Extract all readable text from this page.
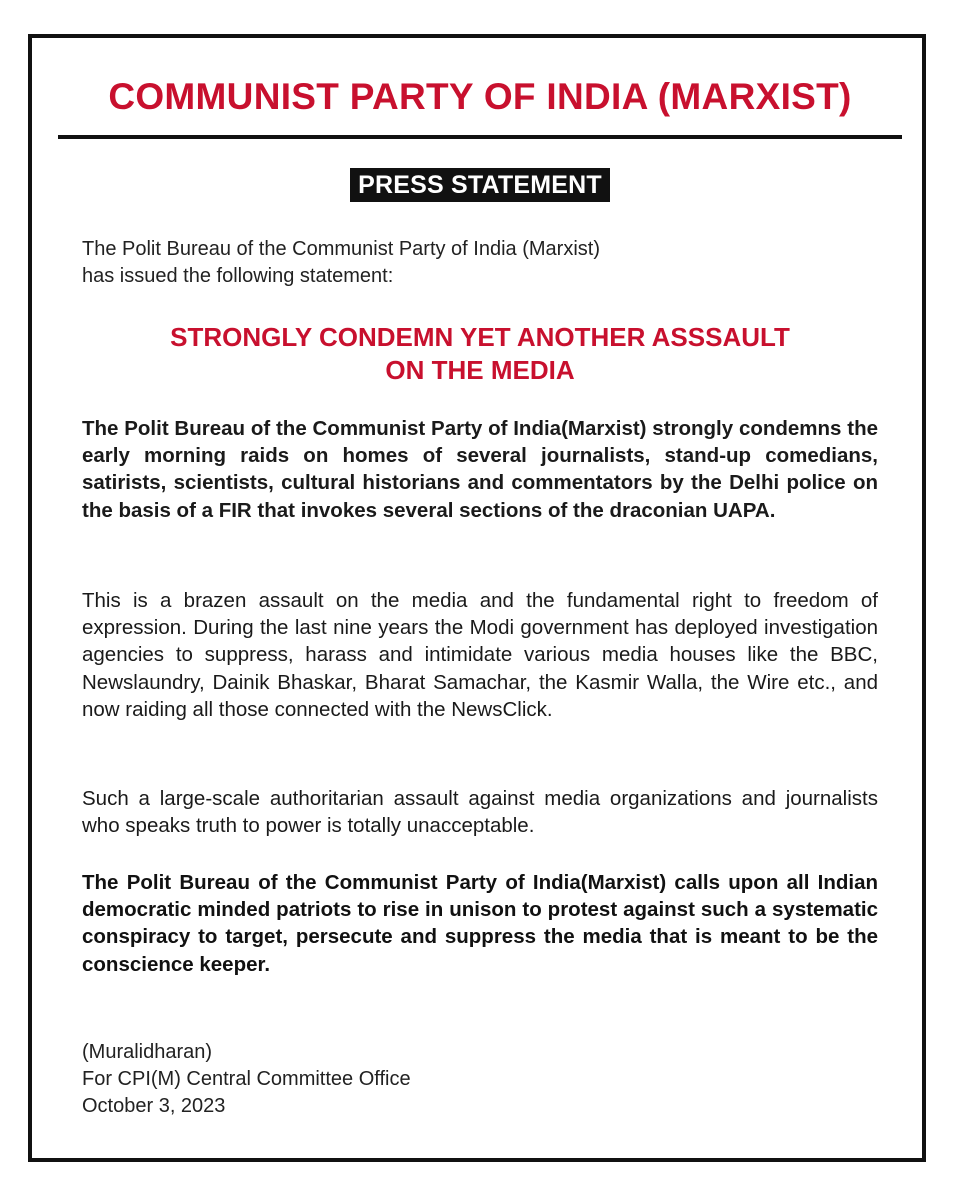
COMMUNIST PARTY OF INDIA (MARXIST)
PRESS STATEMENT
The Polit Bureau of the Communist Party of India (Marxist)
has issued the following statement:
STRONGLY CONDEMN YET ANOTHER ASSSAULT
ON THE MEDIA

The Polit Bureau of the Communist Party of India(Marxist) strongly condemns the early morning raids on homes of several journalists, stand-up comedians, satirists, scientists, cultural historians and commentators by the Delhi police on the basis of a FIR that invokes several sections of the draconian UAPA.

This is a brazen assault on the media and the fundamental right to freedom of expression. During the last nine years the Modi government has deployed investigation agencies to suppress, harass and intimidate various media houses like the BBC, Newslaundry, Dainik Bhaskar, Bharat Samachar, the Kasmir Walla, the Wire etc., and now raiding all those connected with the NewsClick.

Such a large-scale authoritarian assault against media organizations and journalists who speaks truth to power is totally unacceptable.

The Polit Bureau of the Communist Party of India(Marxist) calls upon all Indian democratic minded patriots to rise in unison to protest against such a systematic conspiracy to target, persecute and suppress the media that is meant to be the conscience keeper.

(Muralidharan)
For CPI(M) Central Committee Office
October 3, 2023
